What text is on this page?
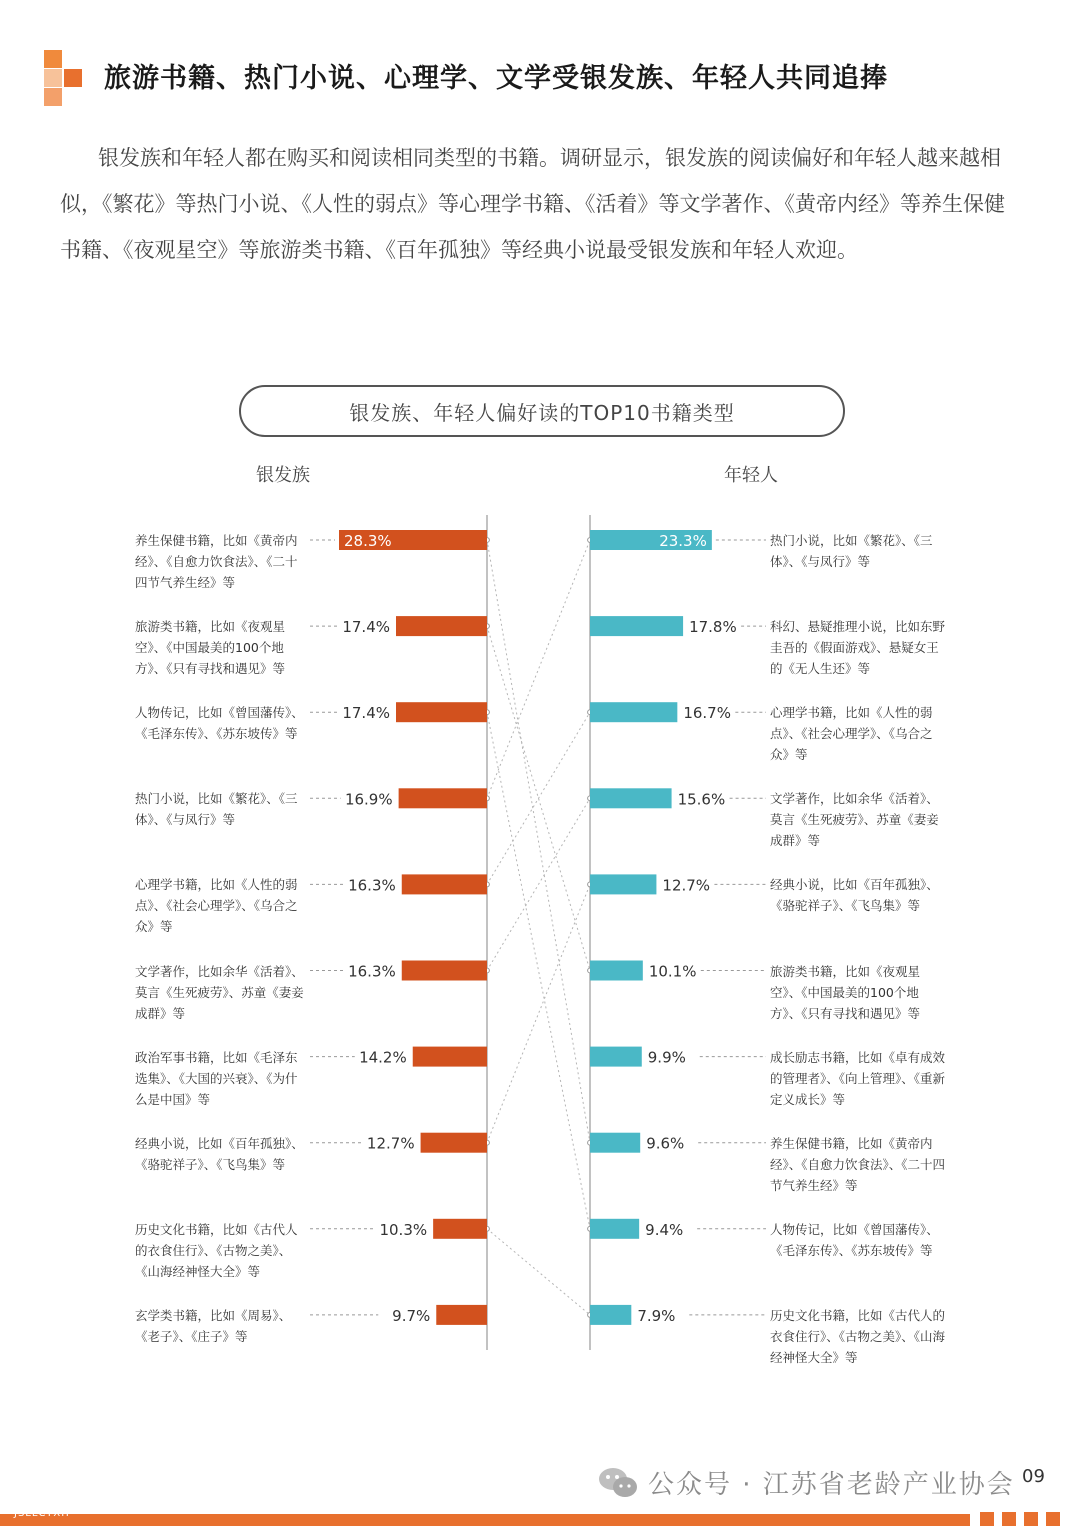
旅游书籍、热门小说、心理学、文学受银发族、年轻人共同追捧

银发族和年轻人都在购买和阅读相同类型的书籍。调研显示，银发族的阅读偏好和年轻人越来越相似，《繁花》等热门小说、《人性的弱点》等心理学书籍、《活着》等文学著作、《黄帝内经》等养生保健书籍、《夜观星空》等旅游类书籍、《百年孤独》等经典小说最受银发族和年轻人欢迎。

银发族、年轻人偏好读的TOP10书籍类型
银发族	年轻人
28.3%
17.4%
17.4%
16.9%
16.3%
16.3%
14.2%
12.7%
10.3%
9.7%
23.3%
17.8%
16.7%
15.6%
12.7%
10.1%
9.9%
9.6%
9.4%
7.9%

养生保健书籍，比如《黄帝内经》、《自愈力饮食法》、《二十四节气养生经》等

旅游类书籍，比如《夜观星空》、《中国最美的100个地方》、《只有寻找和遇见》等

人物传记，比如《曾国藩传》、《毛泽东传》、《苏东坡传》等

热门小说，比如《繁花》、《三体》、《与凤行》等

心理学书籍，比如《人性的弱点》、《社会心理学》、《乌合之众》等

文学著作，比如余华《活着》、莫言《生死疲劳》、苏童《妻妾成群》等

政治军事书籍，比如《毛泽东选集》、《大国的兴衰》、《为什么是中国》等

经典小说，比如《百年孤独》、《骆驼祥子》、《飞鸟集》等

历史文化书籍，比如《古代人的衣食住行》、《古物之美》、《山海经神怪大全》等

玄学类书籍，比如《周易》、《老子》、《庄子》等

热门小说，比如《繁花》、《三体》、《与凤行》等

科幻、悬疑推理小说，比如东野圭吾的《假面游戏》、悬疑女王的《无人生还》等

心理学书籍，比如《人性的弱点》、《社会心理学》、《乌合之众》等

文学著作，比如余华《活着》、莫言《生死疲劳》、苏童《妻妾成群》等

经典小说，比如《百年孤独》、《骆驼祥子》、《飞鸟集》等

旅游类书籍，比如《夜观星空》、《中国最美的100个地方》、《只有寻找和遇见》等

成长励志书籍，比如《卓有成效的管理者》、《向上管理》、《重新定义成长》等

养生保健书籍，比如《黄帝内经》、《自愈力饮食法》、《二十四节气养生经》等

人物传记，比如《曾国藩传》、《毛泽东传》、《苏东坡传》等

历史文化书籍，比如《古代人的衣食住行》、《古物之美》、《山海经神怪大全》等

公众号 · 江苏省老龄产业协会 09
JSLLCYXH
